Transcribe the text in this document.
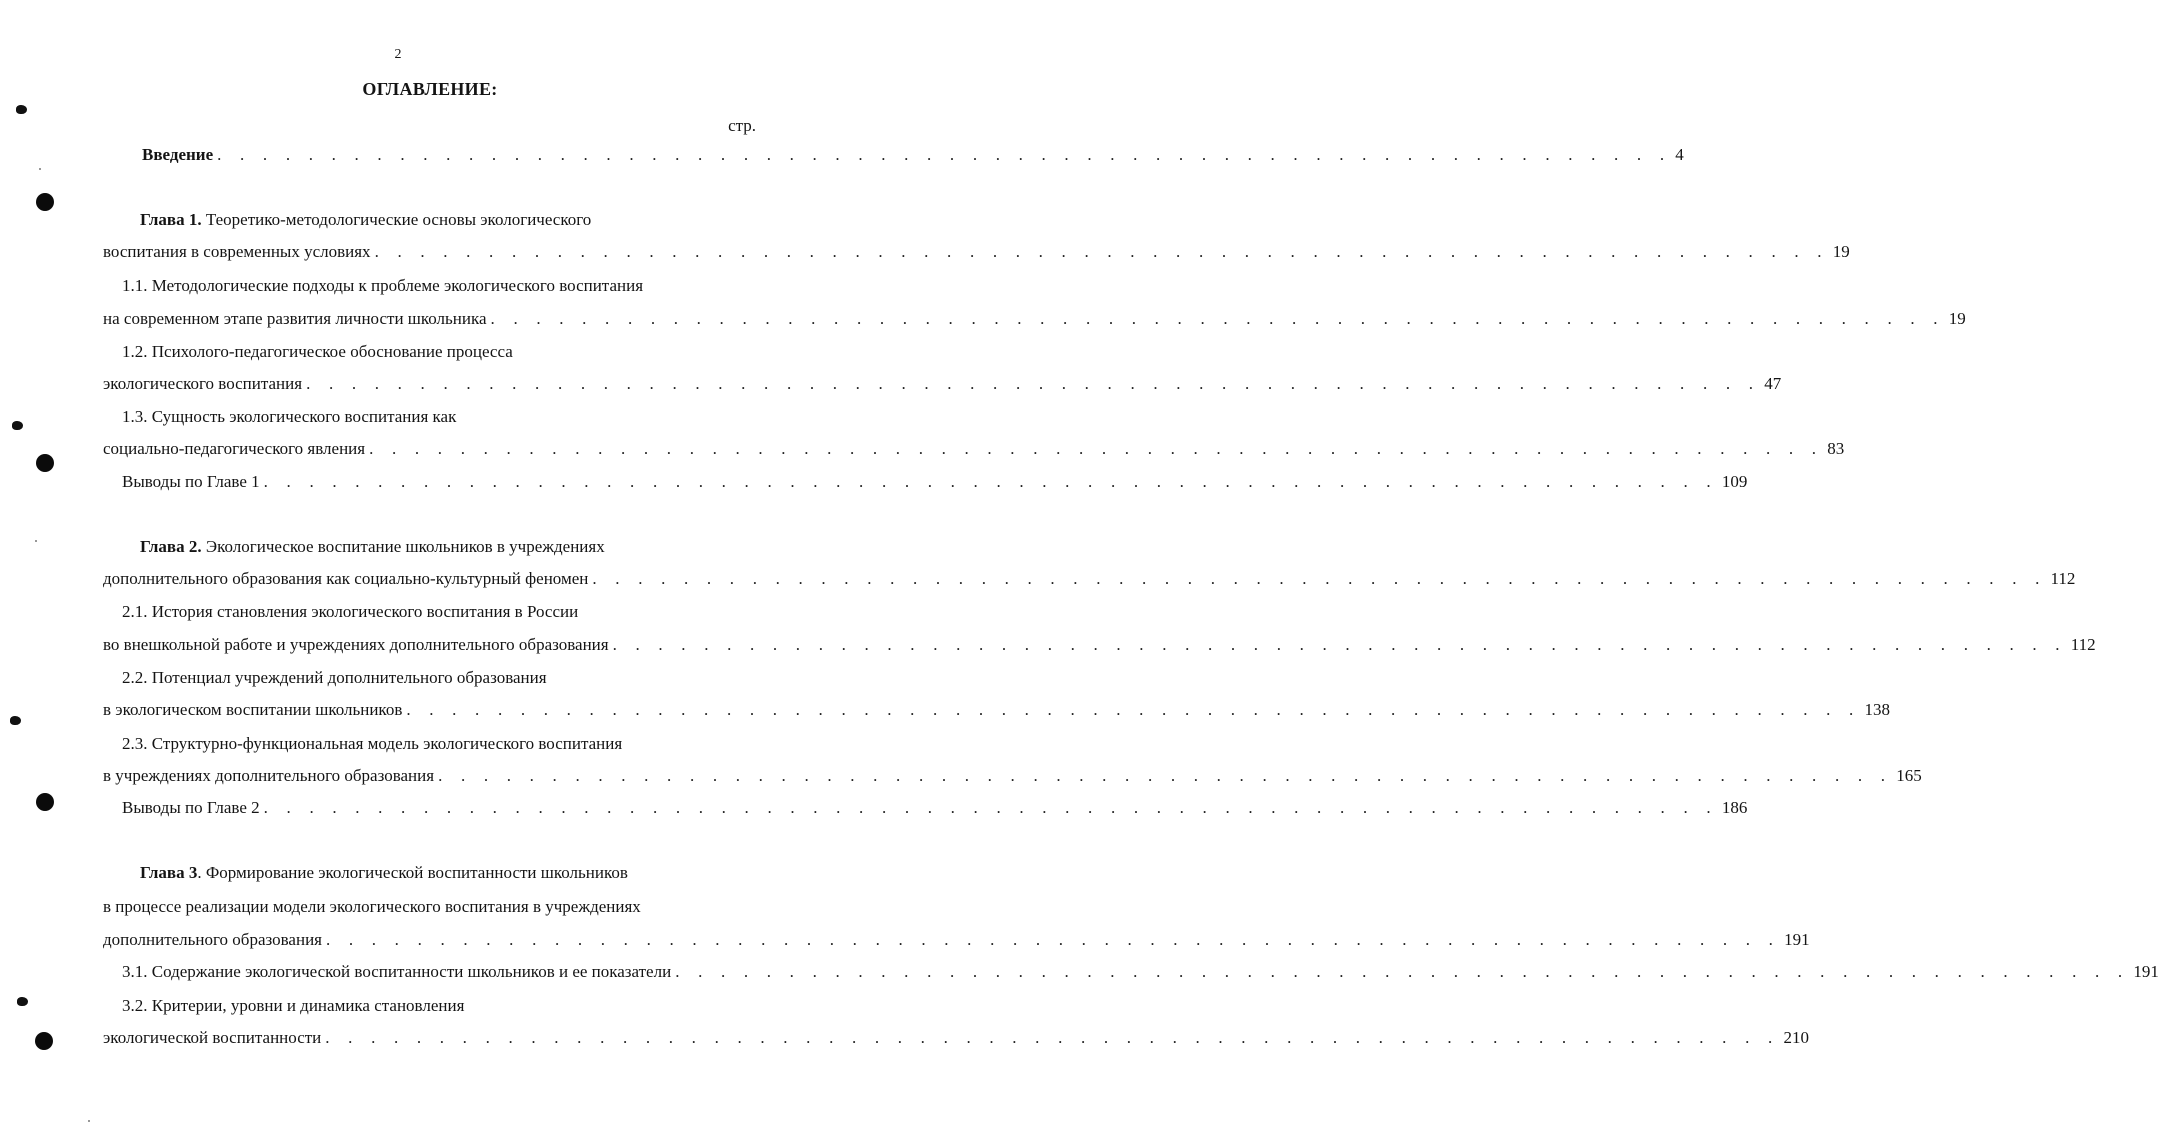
2
ОГЛАВЛЕНИЕ:
стр.
Введение . . . . . . . . . . . . . . . . . . . . . . . . . . . . . . . . . . . . . . . . . . . . . . . . . . . . . . . . . . . . . . . . 4
Глава 1. Теоретико-методологические основы экологического
воспитания в современных условиях . . . . . . . . . . . . . . . . . . . . . . . . . . . . . . . . . . . . . . . . . . . . . . . . . . . . . . . . . . . . . . . . 19
1.1. Методологические подходы к проблеме экологического воспитания
на современном этапе развития личности школьника . . . . . . . . . . . . . . . . . . . . . . . . . . . . . . . . . . . . . . . . . . . . . . . . . . . . . . . . . . . . . . . . 19
1.2. Психолого-педагогическое обоснование процесса
экологического воспитания . . . . . . . . . . . . . . . . . . . . . . . . . . . . . . . . . . . . . . . . . . . . . . . . . . . . . . . . . . . . . . . . 47
1.3. Сущность экологического воспитания как
социально-педагогического явления . . . . . . . . . . . . . . . . . . . . . . . . . . . . . . . . . . . . . . . . . . . . . . . . . . . . . . . . . . . . . . . . 83
Выводы по Главе 1 . . . . . . . . . . . . . . . . . . . . . . . . . . . . . . . . . . . . . . . . . . . . . . . . . . . . . . . . . . . . . . . . 109
Глава 2. Экологическое воспитание школьников в учреждениях
дополнительного образования как социально-культурный феномен . . . . . . . . . . . . . . . . . . . . . . . . . . . . . . . . . . . . . . . . . . . . . . . . . . . . . . . . . . . . . . . . 112
2.1. История становления экологического воспитания в России
во внешкольной работе и учреждениях дополнительного образования . . . . . . . . . . . . . . . . . . . . . . . . . . . . . . . . . . . . . . . . . . . . . . . . . . . . . . . . . . . . . . . . 112
2.2. Потенциал учреждений дополнительного образования
в экологическом воспитании школьников . . . . . . . . . . . . . . . . . . . . . . . . . . . . . . . . . . . . . . . . . . . . . . . . . . . . . . . . . . . . . . . . 138
2.3. Структурно-функциональная модель экологического воспитания
в учреждениях дополнительного образования . . . . . . . . . . . . . . . . . . . . . . . . . . . . . . . . . . . . . . . . . . . . . . . . . . . . . . . . . . . . . . . . 165
Выводы по Главе 2 . . . . . . . . . . . . . . . . . . . . . . . . . . . . . . . . . . . . . . . . . . . . . . . . . . . . . . . . . . . . . . . . 186
Глава 3. Формирование экологической воспитанности школьников
в процессе реализации модели экологического воспитания в учреждениях
дополнительного образования . . . . . . . . . . . . . . . . . . . . . . . . . . . . . . . . . . . . . . . . . . . . . . . . . . . . . . . . . . . . . . . . 191
3.1. Содержание экологической воспитанности школьников и ее показатели . . . . . . . . . . . . . . . . . . . . . . . . . . . . . . . . . . . . . . . . . . . . . . . . . . . . . . . . . . . . . . . . 191
3.2. Критерии, уровни и динамика становления
экологической воспитанности . . . . . . . . . . . . . . . . . . . . . . . . . . . . . . . . . . . . . . . . . . . . . . . . . . . . . . . . . . . . . . . . 210
